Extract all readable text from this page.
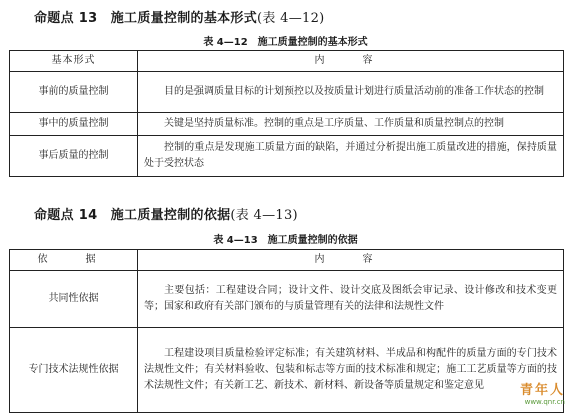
命题点 13　施工质量控制的基本形式(表 4—12)
表 4—12　施工质量控制的基本形式
基本形式	内　容
事前的质量控制	目的是强调质量目标的计划预控以及按质量计划进行质量活动前的准备工作状态的控制
事中的质量控制	关键是坚持质量标准。控制的重点是工序质量、工作质量和质量控制点的控制
事后质量的控制	控制的重点是发现施工质量方面的缺陷，并通过分析提出施工质量改进的措施，保持质量处于受控状态
命题点 14　施工质量控制的依据(表 4—13)
表 4—13　施工质量控制的依据
依　据	内　容
共同性依据	主要包括：工程建设合同；设计文件、设计交底及图纸会审记录、设计修改和技术变更等；国家和政府有关部门颁布的与质量管理有关的法律和法规性文件
专门技术法规性依据	工程建设项目质量检验评定标准；有关建筑材料、半成品和构配件的质量方面的专门技术法规性文件；有关材料验收、包装和标志等方面的技术标准和规定；施工工艺质量等方面的技术法规性文件；有关新工艺、新技术、新材料、新设备等质量规定和鉴定意见	青年人
www.qnr.cn
